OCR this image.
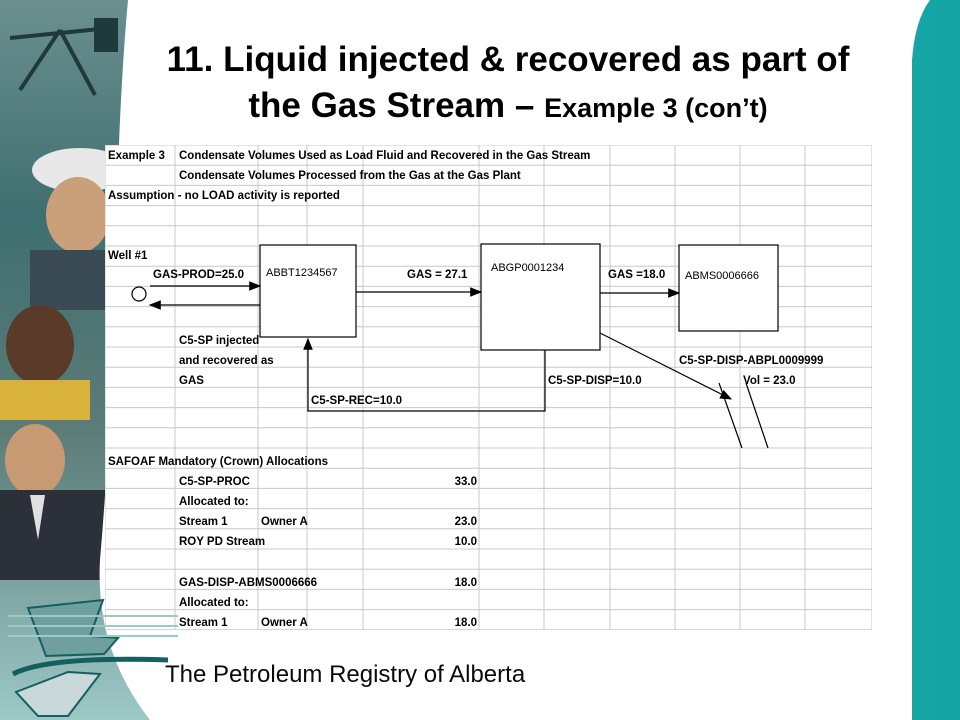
11. Liquid injected & recovered as part of
the Gas Stream – Example 3 (con’t)
ABBT1234567	ABGP0001234
ABMS0006666
Example 3 Condensate Volumes Used as Load Fluid and Recovered in the Gas Stream
Condensate Volumes Processed from the Gas at the Gas Plant
Assumption - no LOAD activity is reported
Well #1
GAS-PROD=25.0	GAS = 27.1	GAS =18.0
C5-SP injected
and recovered as
GAS
C5-SP-DISP-ABPL0009999
C5-SP-DISP=10.0	Vol = 23.0
C5-SP-REC=10.0
SAFOAF Mandatory (Crown) Allocations
C5-SP-PROC	33.0
Allocated to:
Stream 1	Owner A	23.0
ROY PD Stream	10.0
GAS-DISP-ABMS0006666	18.0
Allocated to:
Stream 1	Owner A	18.0
The Petroleum Registry of Alberta
